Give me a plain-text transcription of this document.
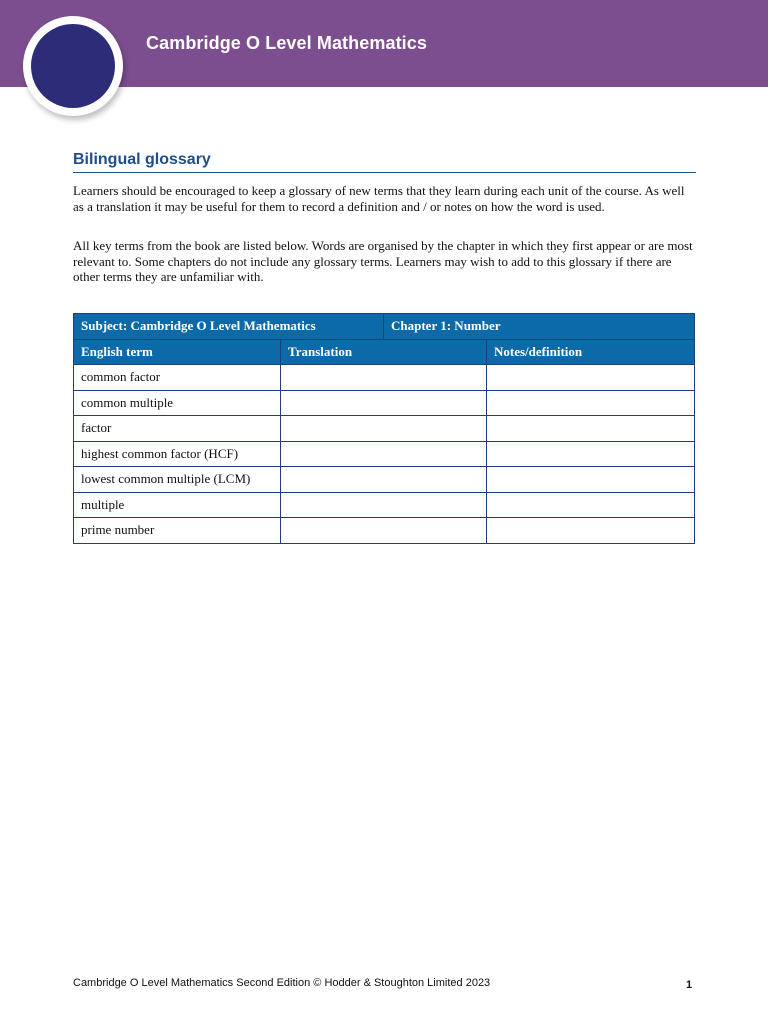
Cambridge O Level Mathematics
Bilingual glossary

Learners should be encouraged to keep a glossary of new terms that they learn during each unit of the course. As well as a translation it may be useful for them to record a definition and / or notes on how the word is used.

All key terms from the book are listed below. Words are organised by the chapter in which they first appear or are most relevant to. Some chapters do not include any glossary terms. Learners may wish to add to this glossary if there are other terms they are unfamiliar with.

Subject: Cambridge O Level Mathematics		Chapter 1: Number	
English term	Translation		Notes/definition
common factor			
common multiple			
factor			
highest common factor (HCF)			
lowest common multiple (LCM)			
multiple			
prime number			
Cambridge O Level Mathematics Second Edition © Hodder & Stoughton Limited 2023	1
